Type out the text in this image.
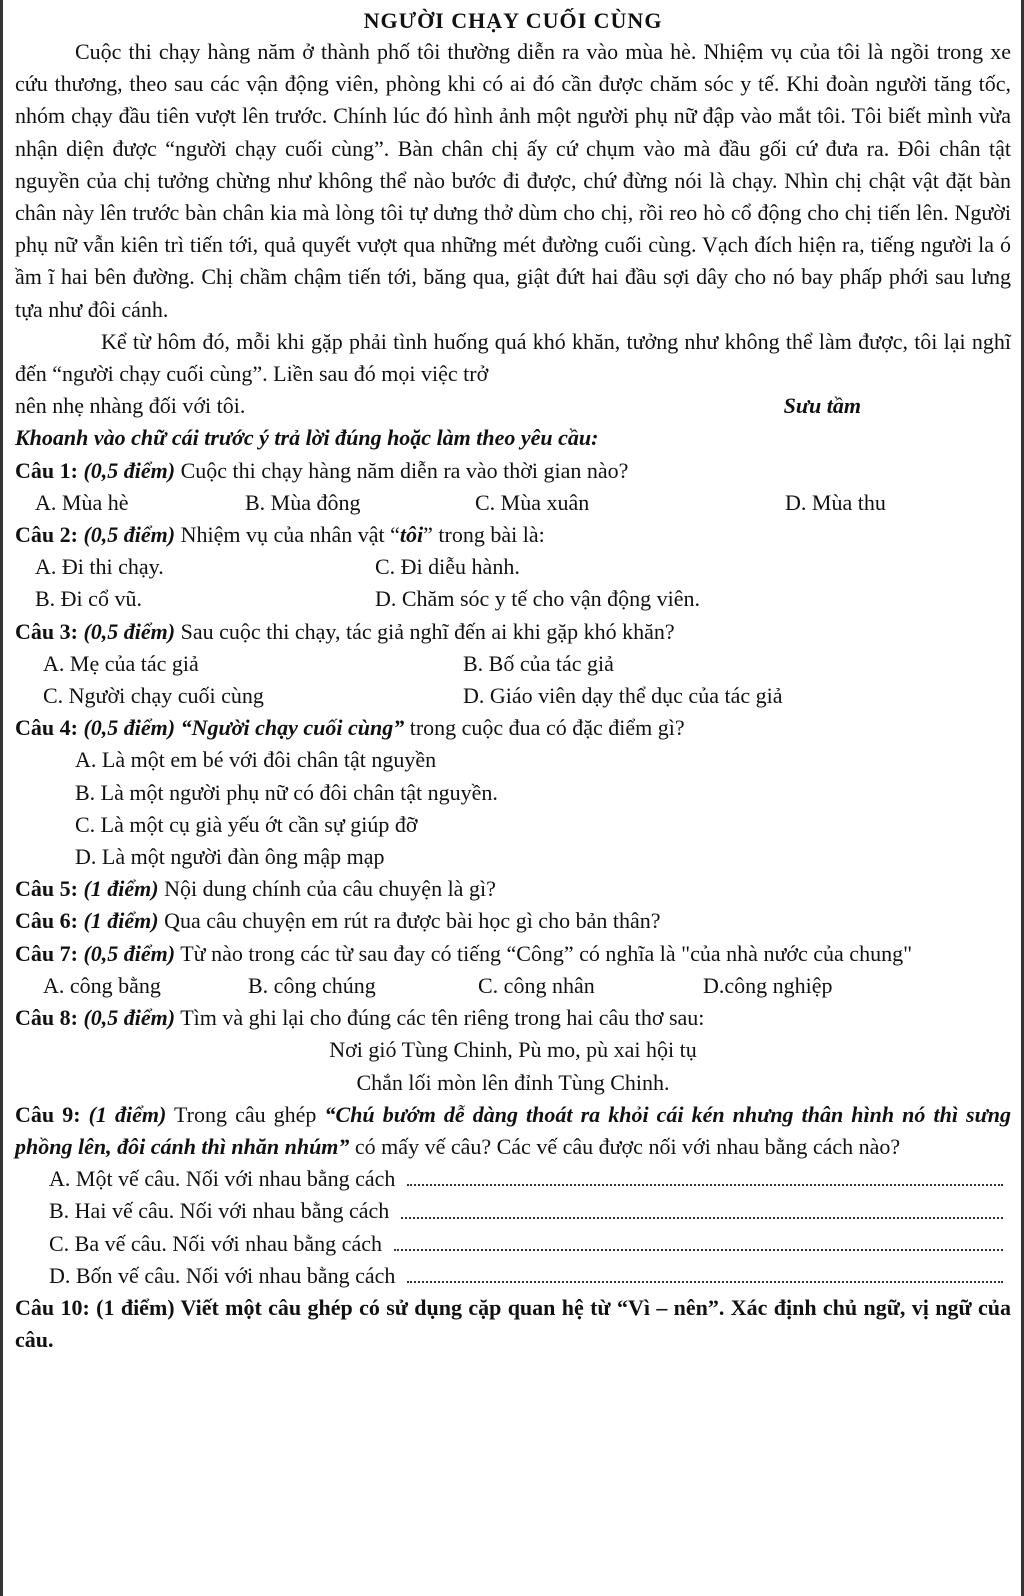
NGƯỜI CHẠY CUỐI CÙNG

Cuộc thi chạy hàng năm ở thành phố tôi thường diễn ra vào mùa hè. Nhiệm vụ của tôi là ngồi trong xe cứu thương, theo sau các vận động viên, phòng khi có ai đó cần được chăm sóc y tế. Khi đoàn người tăng tốc, nhóm chạy đầu tiên vượt lên trước. Chính lúc đó hình ảnh một người phụ nữ đập vào mắt tôi. Tôi biết mình vừa nhận diện được “người chạy cuối cùng”. Bàn chân chị ấy cứ chụm vào mà đầu gối cứ đưa ra. Đôi chân tật nguyền của chị tưởng chừng như không thể nào bước đi được, chứ đừng nói là chạy. Nhìn chị chật vật đặt bàn chân này lên trước bàn chân kia mà lòng tôi tự dưng thở dùm cho chị, rồi reo hò cổ động cho chị tiến lên. Người phụ nữ vẫn kiên trì tiến tới, quả quyết vượt qua những mét đường cuối cùng. Vạch đích hiện ra, tiếng người la ó ầm ĩ hai bên đường. Chị chầm chậm tiến tới, băng qua, giật đứt hai đầu sợi dây cho nó bay phấp phới sau lưng tựa như đôi cánh.

Kể từ hôm đó, mỗi khi gặp phải tình huống quá khó khăn, tưởng như không thể làm được, tôi lại nghĩ đến “người chạy cuối cùng”. Liền sau đó mọi việc trở

nên nhẹ nhàng đối với tôi.	Sưu tầm

Khoanh vào chữ cái trước ý trả lời đúng hoặc làm theo yêu cầu:

Câu 1: (0,5 điểm) Cuộc thi chạy hàng năm diễn ra vào thời gian nào?

A. Mùa hè	B. Mùa đông	C. Mùa xuân	D. Mùa thu

Câu 2: (0,5 điểm) Nhiệm vụ của nhân vật “tôi” trong bài là:

A. Đi thi chạy.	C. Đi diễu hành.
B. Đi cổ vũ.	D. Chăm sóc y tế cho vận động viên.

Câu 3: (0,5 điểm) Sau cuộc thi chạy, tác giả nghĩ đến ai khi gặp khó khăn?

A. Mẹ của tác giả	B. Bố của tác giả
C. Người chạy cuối cùng	D. Giáo viên dạy thể dục của tác giả

Câu 4: (0,5 điểm) “Người chạy cuối cùng” trong cuộc đua có đặc điểm gì?

A. Là một em bé với đôi chân tật nguyền
B. Là một người phụ nữ có đôi chân tật nguyền.
C. Là một cụ già yếu ớt cần sự giúp đỡ
D. Là một người đàn ông mập mạp

Câu 5: (1 điểm) Nội dung chính của câu chuyện là gì?

Câu 6: (1 điểm) Qua câu chuyện em rút ra được bài học gì cho bản thân?

Câu 7: (0,5 điểm) Từ nào trong các từ sau đay có tiếng “Công” có nghĩa là "của nhà nước của chung"

A. công bằng	B. công chúng	C. công nhân	D.công nghiệp

Câu 8: (0,5 điểm) Tìm và ghi lại cho đúng các tên riêng trong hai câu thơ sau:

Nơi gió Tùng Chinh, Pù mo, pù xai hội tụ

Chắn lối mòn lên đỉnh Tùng Chinh.

Câu 9: (1 điểm) Trong câu ghép “Chú bướm dễ dàng thoát ra khỏi cái kén nhưng thân hình nó thì sưng phồng lên, đôi cánh thì nhăn nhúm” có mấy vế câu? Các vế câu được nối với nhau bằng cách nào?

A. Một vế câu. Nối với nhau bằng cách
B. Hai vế câu. Nối với nhau bằng cách
C. Ba vế câu. Nối với nhau bằng cách
D. Bốn vế câu. Nối với nhau bằng cách

Câu 10: (1 điểm) Viết một câu ghép có sử dụng cặp quan hệ từ “Vì – nên”. Xác định chủ ngữ, vị ngữ của câu.
